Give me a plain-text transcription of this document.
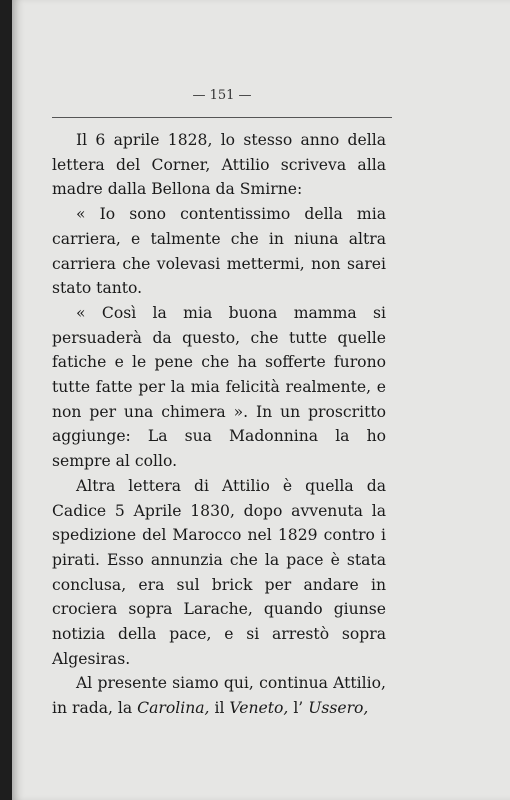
— 151 —

Il 6 aprile 1828, lo stesso anno della lettera del Corner, Attilio scriveva alla madre dalla Bellona da Smirne:

« Io sono contentissimo della mia carriera, e talmente che in niuna altra carriera che volevasi mettermi, non sarei stato tanto.

« Così la mia buona mamma si persuaderà da questo, che tutte quelle fatiche e le pene che ha sofferte furono tutte fatte per la mia felicità realmente, e non per una chimera ». In un proscritto aggiunge: La sua Madonnina la ho sempre al collo.

Altra lettera di Attilio è quella da Cadice 5 Aprile 1830, dopo avvenuta la spedizione del Marocco nel 1829 contro i pirati. Esso annunzia che la pace è stata conclusa, era sul brick per andare in crociera sopra Larache, quando giunse notizia della pace, e si arrestò sopra Algesiras.

Al presente siamo qui, continua Attilio, in rada, la Carolina, il Veneto, l’ Ussero,
